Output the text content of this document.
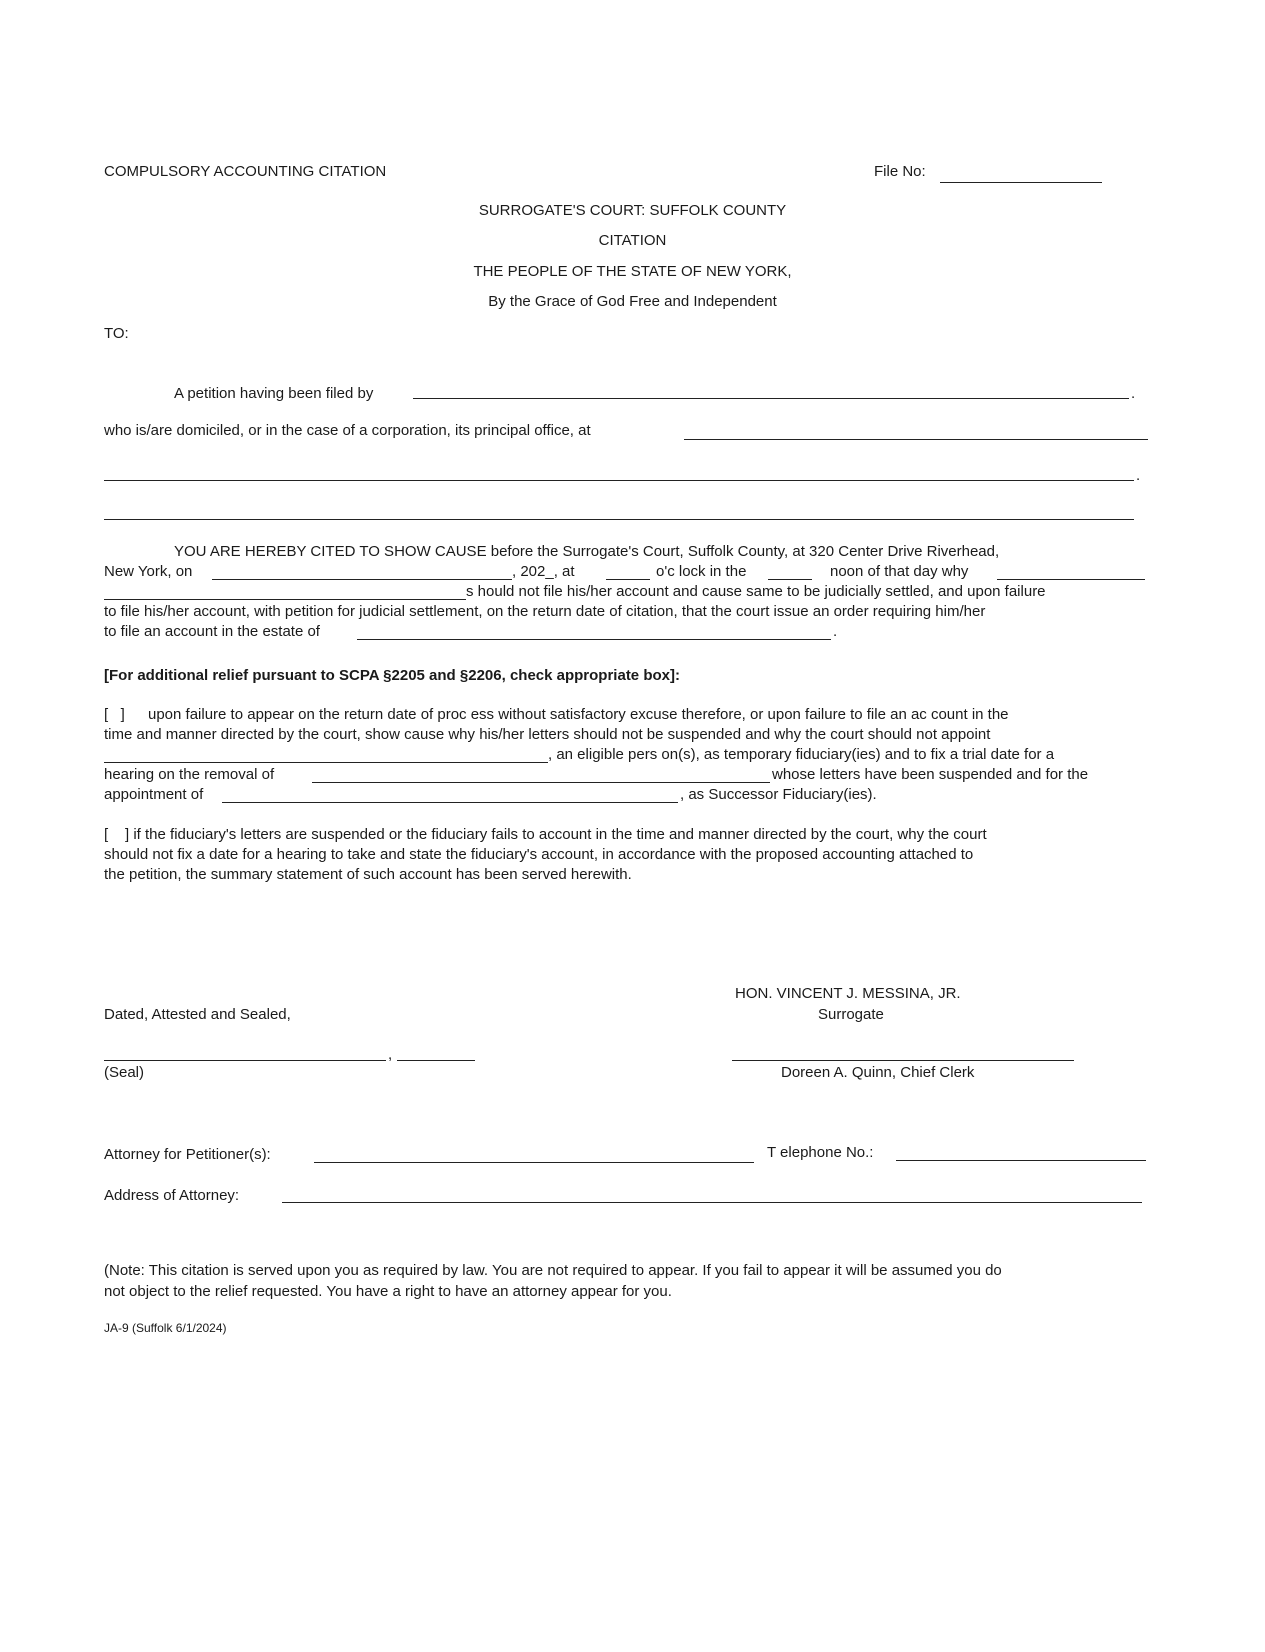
COMPULSORY ACCOUNTING CITATION	File No:
SURROGATE'S COURT: SUFFOLK COUNTY
CITATION
THE PEOPLE OF THE STATE OF NEW YORK,
By the Grace of God Free and Independent
TO:
A petition having been filed by	.
who is/are domiciled, or in the case of a corporation, its principal office, at
.
YOU ARE HEREBY CITED TO SHOW CAUSE before the Surrogate's Court, Suffolk County, at 320 Center Drive Riverhead,
New York, on	, 202_, at	o'c lock in the	noon of that day why
s hould not file his/her account and cause same to be judicially settled, and upon failure
to file his/her account, with petition for judicial settlement, on the return date of citation, that the court issue an order requiring him/her
to file an account in the estate of	.
[For additional relief pursuant to SCPA §2205 and §2206, check appropriate box]:
[   ] upon failure to appear on the return date of proc ess without satisfactory excuse therefore, or upon failure to file an ac count in the
time and manner directed by the court, show cause why his/her letters should not be suspended and why the court should not appoint
, an eligible pers on(s), as temporary fiduciary(ies) and to fix a trial date for a
hearing on the removal of	whose letters have been suspended and for the
appointment of	, as Successor Fiduciary(ies).
[ ] if the fiduciary's letters are suspended or the fiduciary fails to account in the time and manner directed by the court, why the court
should not fix a date for a hearing to take and state the fiduciary's account, in accordance with the proposed accounting attached to
the petition, the summary statement of such account has been served herewith.
HON. VINCENT J. MESSINA, JR.
Surrogate
Dated, Attested and Sealed,
,
(Seal)	Doreen A. Quinn, Chief Clerk
Attorney for Petitioner(s):	T elephone No.:
Address of Attorney:
(Note: This citation is served upon you as required by law. You are not required to appear. If you fail to appear it will be assumed you do
not object to the relief requested. You have a right to have an attorney appear for you.
JA-9 (Suffolk 6/1/2024)
